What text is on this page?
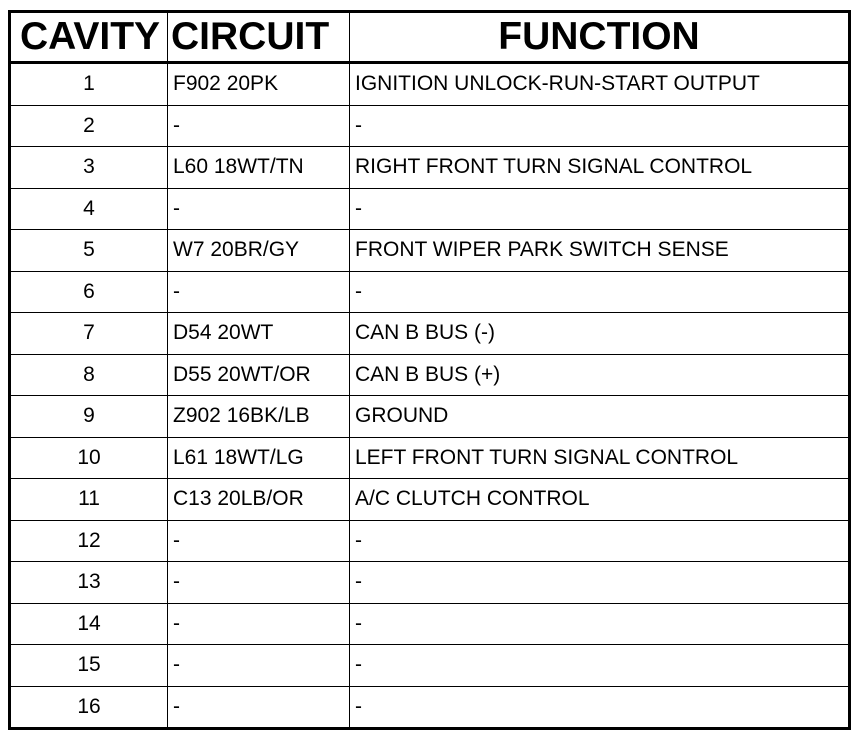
CAVITY	CIRCUIT	FUNCTION
1	F902 20PK	IGNITION UNLOCK-RUN-START OUTPUT
2	-	-
3	L60 18WT/TN	RIGHT FRONT TURN SIGNAL CONTROL
4	-	-
5	W7 20BR/GY	FRONT WIPER PARK SWITCH SENSE
6	-	-
7	D54 20WT	CAN B BUS (-)
8	D55 20WT/OR	CAN B BUS (+)
9	Z902 16BK/LB	GROUND
10	L61 18WT/LG	LEFT FRONT TURN SIGNAL CONTROL
11	C13 20LB/OR	A/C CLUTCH CONTROL
12	-	-
13	-	-
14	-	-
15	-	-
16	-	-
